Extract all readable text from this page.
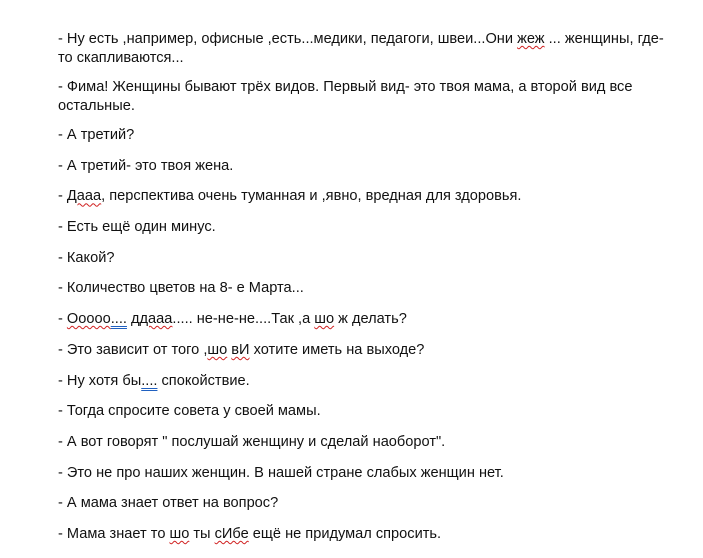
- Ну есть ,например, офисные ,есть...медики, педагоги, швеи...Они жеж ... женщины, где-то скапливаются...

- Фима! Женщины бывают трёх видов. Первый вид- это твоя мама, а второй вид все остальные.

- А третий?

- А третий- это твоя жена.

- Дааа, перспектива очень туманная и ,явно, вредная для здоровья.

- Есть ещё один минус.

- Какой?

- Количество цветов на 8- е Марта...

- Ооооо.... ддааа..... не-не-не....Так ,а шо ж делать?

- Это зависит от того ,шо вИ хотите иметь на выходе?

- Ну хотя бы.... спокойствие.

- Тогда спросите совета у своей мамы.

- А вот говорят " послушай женщину и сделай наоборот".

- Это не про наших женщин. В нашей стране слабых женщин нет.

- А мама знает ответ на вопрос?

- Мама знает то шо ты сИбе ещё не придумал спросить.
